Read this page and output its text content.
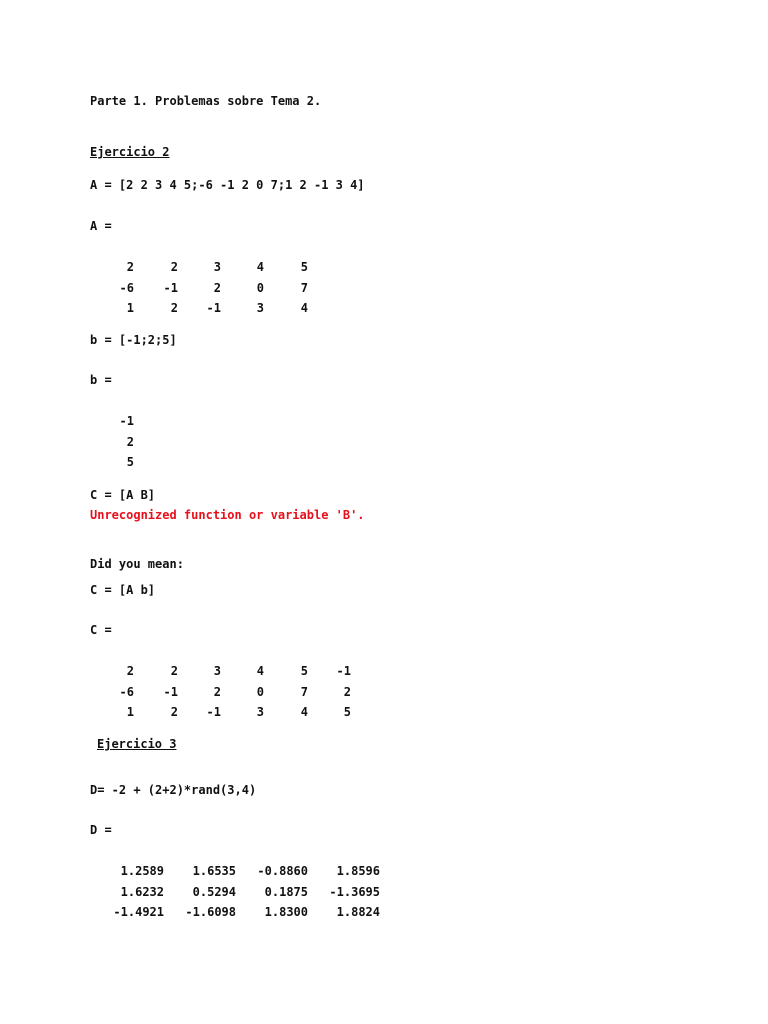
Parte 1. Problemas sobre Tema 2.
Ejercicio 2
A = [2 2 3 4 5;-6 -1 2 0 7;1 2 -1 3 4]
A =
2	2	3	4	5
-6	-1	2	0	7
1	2	-1	3	4
b = [-1;2;5]
b =
-1
2
5
C = [A B]
Unrecognized function or variable 'B'.
Did you mean:
C = [A b]
C =
2	2	3	4	5	-1
-6	-1	2	0	7	2
1	2	-1	3	4	5
Ejercicio 3
D= -2 + (2+2)*rand(3,4)
D =
1.2589	1.6535	-0.8860	1.8596
1.6232	0.5294	0.1875	-1.3695
-1.4921	-1.6098	1.8300	1.8824
